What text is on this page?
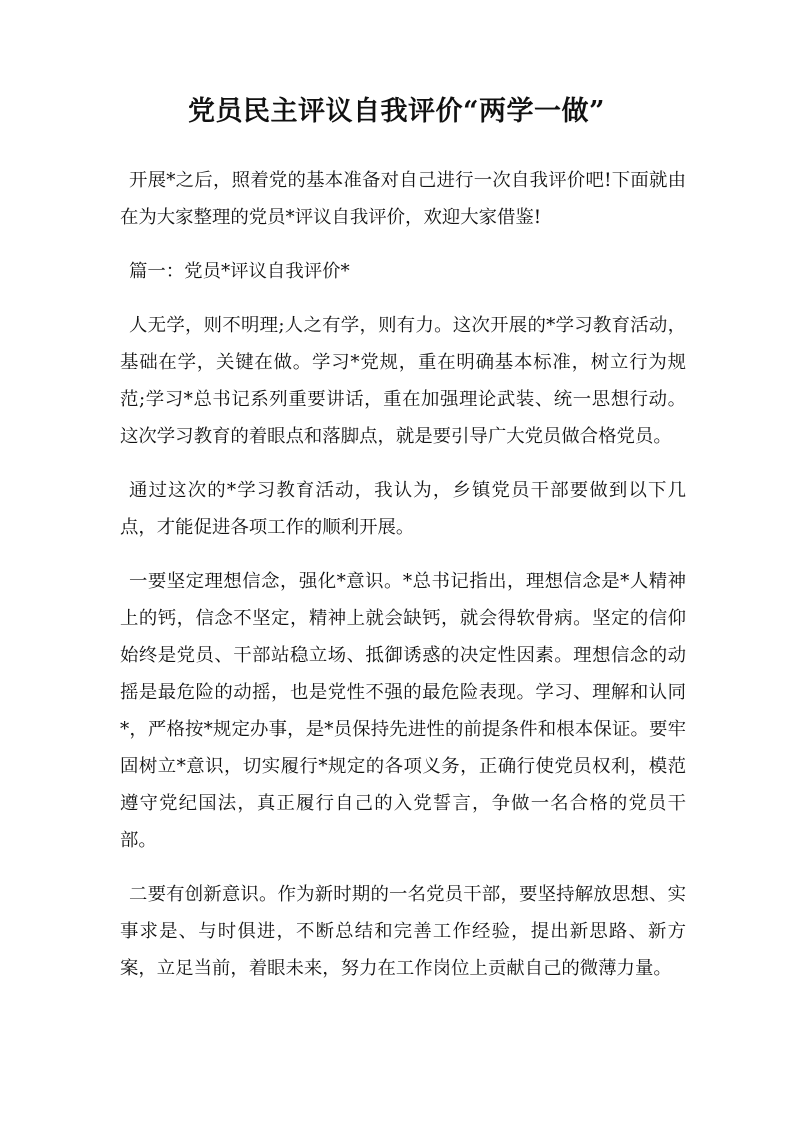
党员民主评议自我评价“两学一做”

开展*之后，照着党的基本准备对自己进行一次自我评价吧!下面就由在为大家整理的党员*评议自我评价，欢迎大家借鉴!

篇一：党员*评议自我评价*

人无学，则不明理;人之有学，则有力。这次开展的*学习教育活动，基础在学，关键在做。学习*党规，重在明确基本标准，树立行为规范;学习*总书记系列重要讲话，重在加强理论武装、统一思想行动。这次学习教育的着眼点和落脚点，就是要引导广大党员做合格党员。

通过这次的*学习教育活动，我认为，乡镇党员干部要做到以下几点，才能促进各项工作的顺利开展。

一要坚定理想信念，强化*意识。*总书记指出，理想信念是*人精神上的钙，信念不坚定，精神上就会缺钙，就会得软骨病。坚定的信仰始终是党员、干部站稳立场、抵御诱惑的决定性因素。理想信念的动摇是最危险的动摇，也是党性不强的最危险表现。学习、理解和认同*，严格按*规定办事，是*员保持先进性的前提条件和根本保证。要牢固树立*意识，切实履行*规定的各项义务，正确行使党员权利，模范遵守党纪国法，真正履行自己的入党誓言，争做一名合格的党员干部。

二要有创新意识。作为新时期的一名党员干部，要坚持解放思想、实事求是、与时俱进，不断总结和完善工作经验，提出新思路、新方案，立足当前，着眼未来，努力在工作岗位上贡献自己的微薄力量。
